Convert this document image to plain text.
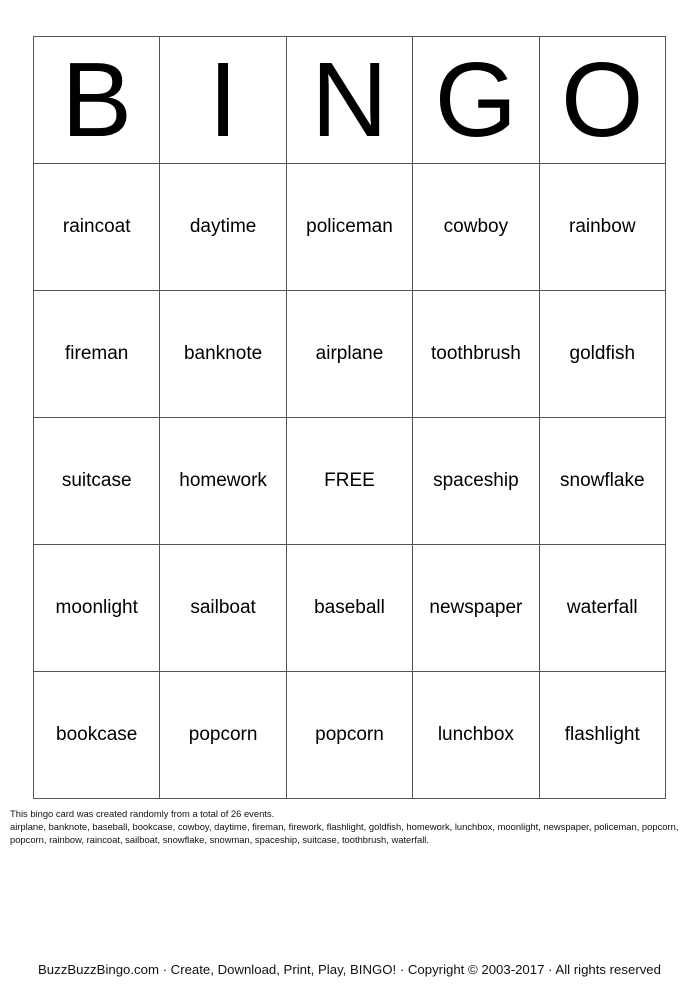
B	I	N	G	O
raincoat	daytime	policeman	cowboy	rainbow
fireman	banknote	airplane	toothbrush	goldfish
suitcase	homework	FREE	spaceship	snowflake
moonlight	sailboat	baseball	newspaper	waterfall
bookcase	popcorn	popcorn	lunchbox	flashlight
This bingo card was created randomly from a total of 26 events.
airplane, banknote, baseball, bookcase, cowboy, daytime, fireman, firework, flashlight, goldfish, homework, lunchbox, moonlight, newspaper, policeman, popcorn, popcorn, rainbow, raincoat, sailboat, snowflake, snowman, spaceship, suitcase, toothbrush, waterfall.
BuzzBuzzBingo.com · Create, Download, Print, Play, BINGO! · Copyright © 2003-2017 · All rights reserved
